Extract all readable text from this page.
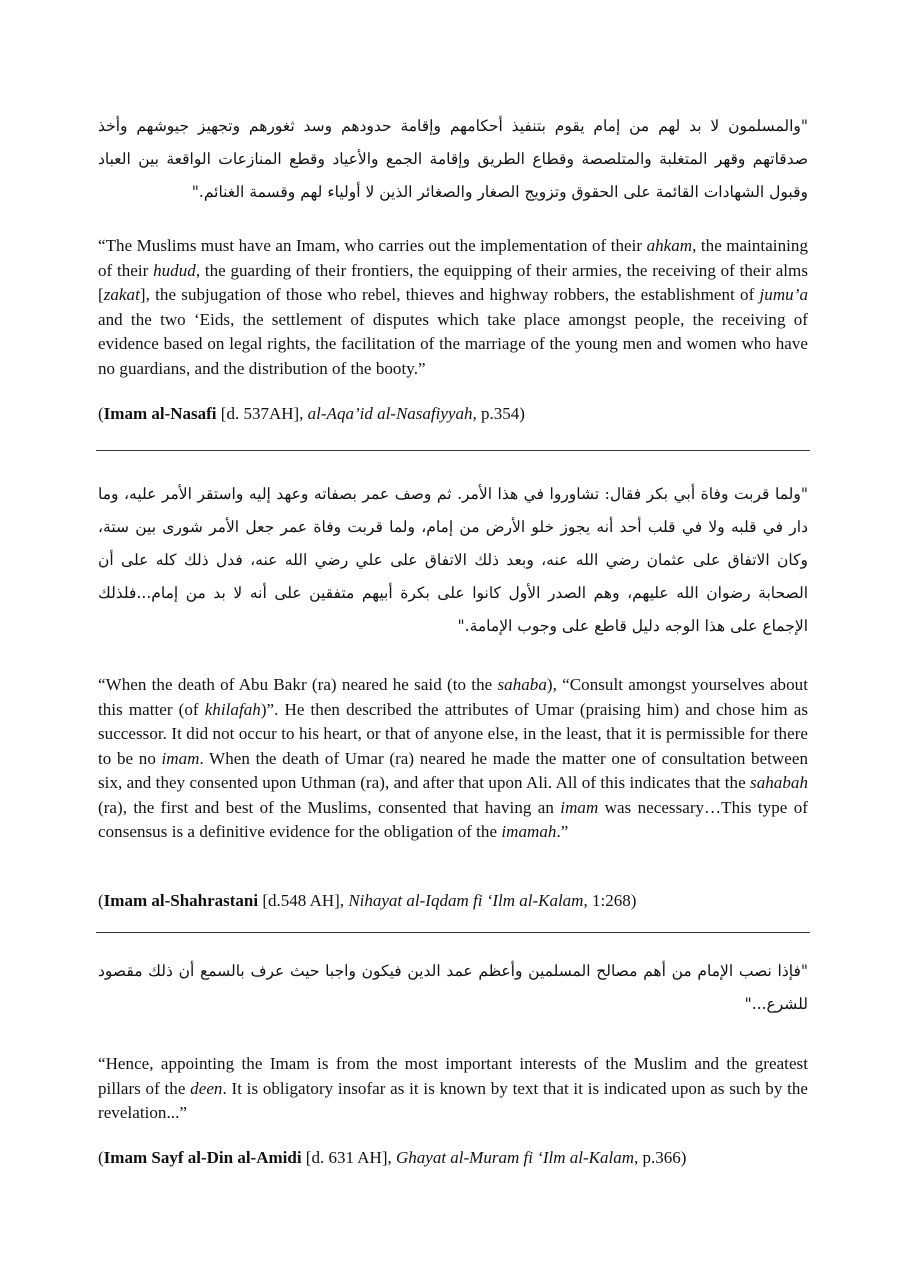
"والمسلمون لا بد لهم من إمام يقوم بتنفيذ أحكامهم وإقامة حدودهم وسد ثغورهم وتجهيز جيوشهم وأخذ صدقاتهم وقهر المتغلبة والمتلصصة وقطاع الطريق وإقامة الجمع والأعياد وقطع المنازعات الواقعة بين العباد وقبول الشهادات القائمة على الحقوق وتزويج الصغار والصغائر الذين لا أولياء لهم وقسمة الغنائم."

“The Muslims must have an Imam, who carries out the implementation of their ahkam, the maintaining of their hudud, the guarding of their frontiers, the equipping of their armies, the receiving of their alms [zakat], the subjugation of those who rebel, thieves and highway robbers, the establishment of jumu’a and the two ‘Eids, the settlement of disputes which take place amongst people, the receiving of evidence based on legal rights, the facilitation of the marriage of the young men and women who have no guardians, and the distribution of the booty.”

(Imam al-Nasafi [d. 537AH], al-Aqa’id al-Nasafiyyah, p.354)

"ولما قربت وفاة أبي بكر فقال: تشاوروا في هذا الأمر. ثم وصف عمر بصفاته وعهد إليه واستقر الأمر عليه، وما دار في قلبه ولا في قلب أحد أنه يجوز خلو الأرض من إمام، ولما قربت وفاة عمر جعل الأمر شورى بين ستة، وكان الاتفاق على عثمان رضي الله عنه، وبعد ذلك الاتفاق على علي رضي الله عنه، فدل ذلك كله على أن الصحابة رضوان الله عليهم، وهم الصدر الأول كانوا على بكرة أبيهم متفقين على أنه لا بد من إمام...فلذلك الإجماع على هذا الوجه دليل قاطع على وجوب الإمامة."

“When the death of Abu Bakr (ra) neared he said (to the sahaba), “Consult amongst yourselves about this matter (of khilafah)”. He then described the attributes of Umar (praising him) and chose him as successor. It did not occur to his heart, or that of anyone else, in the least, that it is permissible for there to be no imam. When the death of Umar (ra) neared he made the matter one of consultation between six, and they consented upon Uthman (ra), and after that upon Ali. All of this indicates that the sahabah (ra), the first and best of the Muslims, consented that having an imam was necessary…This type of consensus is a definitive evidence for the obligation of the imamah.”

(Imam al-Shahrastani [d.548 AH], Nihayat al-Iqdam fi ‘Ilm al-Kalam, 1:268)

"فإذا نصب الإمام من أهم مصالح المسلمين وأعظم عمد الدين فيكون واجبا حيث عرف بالسمع أن ذلك مقصود للشرع..."

“Hence, appointing the Imam is from the most important interests of the Muslim and the greatest pillars of the deen. It is obligatory insofar as it is known by text that it is indicated upon as such by the revelation...”

(Imam Sayf al-Din al-Amidi [d. 631 AH], Ghayat al-Muram fi ‘Ilm al-Kalam, p.366)
